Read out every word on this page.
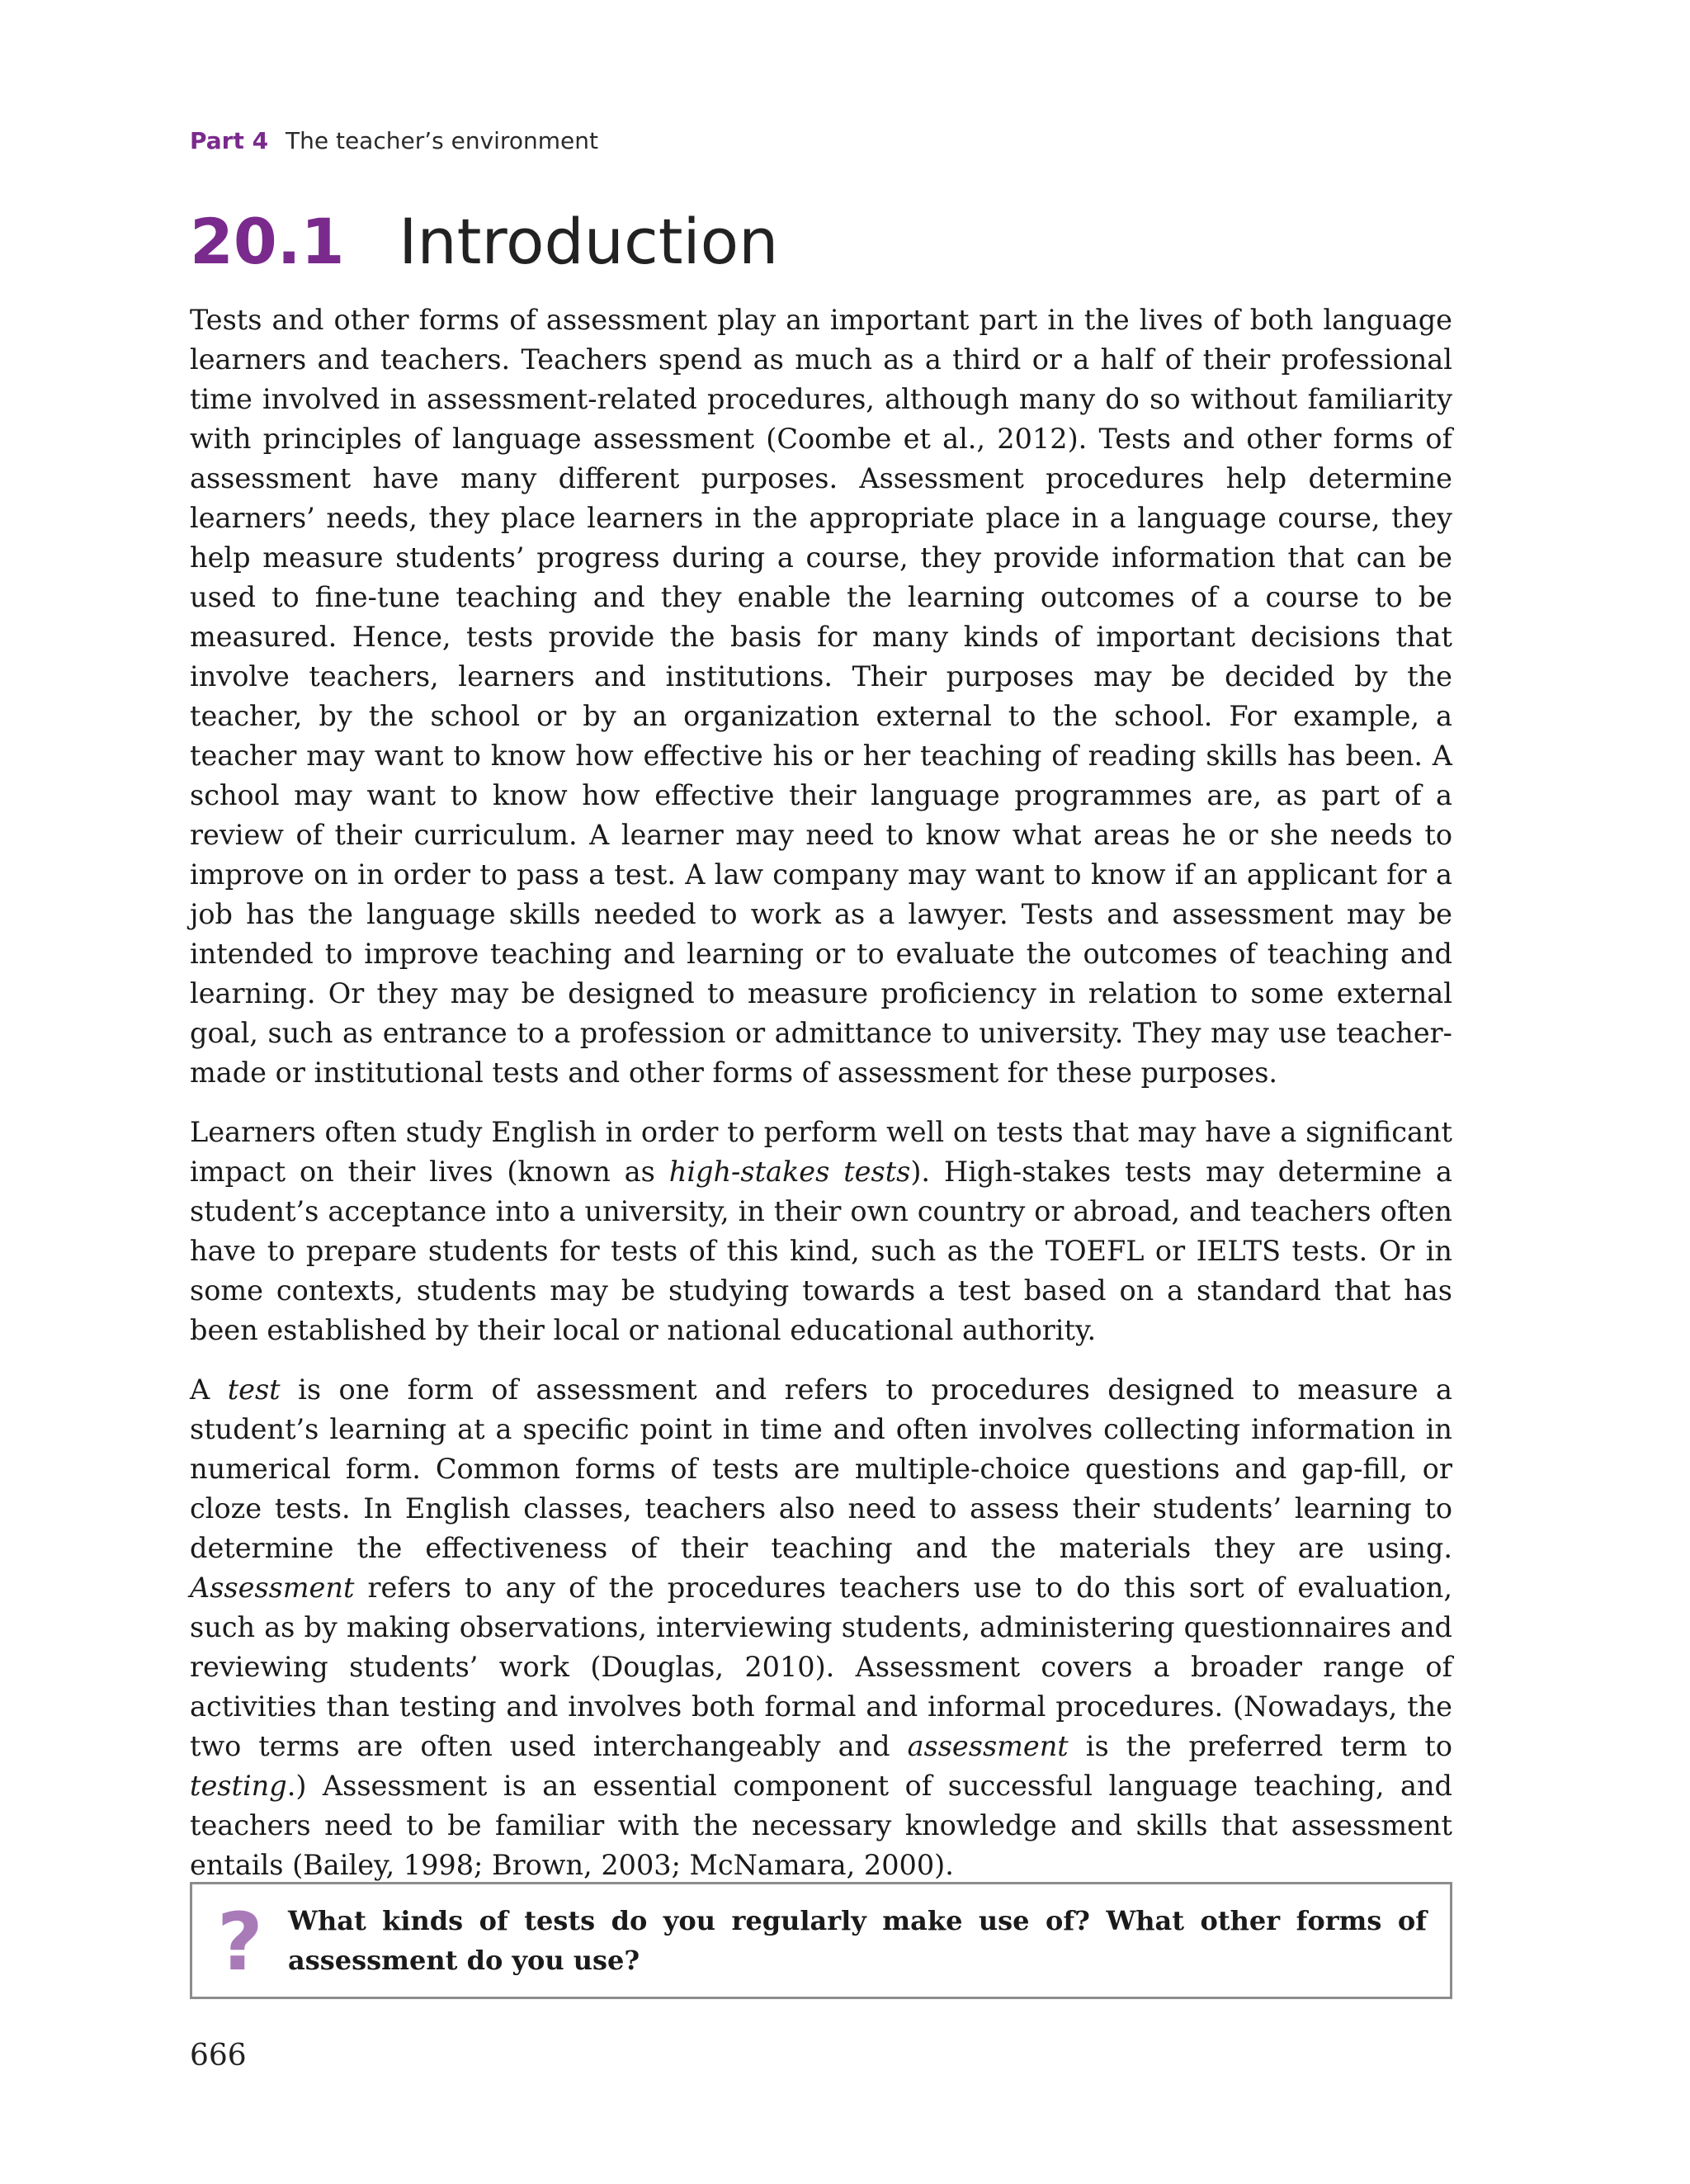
Part 4 The teacher’s environment
20.1 Introduction

Tests and other forms of assessment play an important part in the lives of both language learners and teachers. Teachers spend as much as a third or a half of their professional time involved in assessment-related procedures, although many do so without familiarity with principles of language assessment (Coombe et al., 2012). Tests and other forms of assessment have many different purposes. Assessment procedures help determine learners’ needs, they place learners in the appropriate place in a language course, they help measure students’ progress during a course, they provide information that can be used to fine-tune teaching and they enable the learning outcomes of a course to be measured. Hence, tests provide the basis for many kinds of important decisions that involve teachers, learners and institutions. Their purposes may be decided by the teacher, by the school or by an organization external to the school. For example, a teacher may want to know how effective his or her teaching of reading skills has been. A school may want to know how effective their language programmes are, as part of a review of their curriculum. A learner may need to know what areas he or she needs to improve on in order to pass a test. A law company may want to know if an applicant for a job has the language skills needed to work as a lawyer. Tests and assessment may be intended to improve teaching and learning or to evaluate the outcomes of teaching and learning. Or they may be designed to measure proficiency in relation to some external goal, such as entrance to a profession or admittance to university. They may use teacher-made or institutional tests and other forms of assessment for these purposes.

Learners often study English in order to perform well on tests that may have a significant impact on their lives (known as high-stakes tests). High-stakes tests may determine a student’s acceptance into a university, in their own country or abroad, and teachers often have to prepare students for tests of this kind, such as the TOEFL or IELTS tests. Or in some contexts, students may be studying towards a test based on a standard that has been established by their local or national educational authority.

A test is one form of assessment and refers to procedures designed to measure a student’s learning at a specific point in time and often involves collecting information in numerical form. Common forms of tests are multiple-choice questions and gap-fill, or cloze tests. In English classes, teachers also need to assess their students’ learning to determine the effectiveness of their teaching and the materials they are using. Assessment refers to any of the procedures teachers use to do this sort of evaluation, such as by making observations, interviewing students, administering questionnaires and reviewing students’ work (Douglas, 2010). Assessment covers a broader range of activities than testing and involves both formal and informal procedures. (Nowadays, the two terms are often used interchangeably and assessment is the preferred term to testing.) Assessment is an essential component of successful language teaching, and teachers need to be familiar with the necessary knowledge and skills that assessment entails (Bailey, 1998; Brown, 2003; McNamara, 2000).

? What kinds of tests do you regularly make use of? What other forms of assessment do you use?

666
